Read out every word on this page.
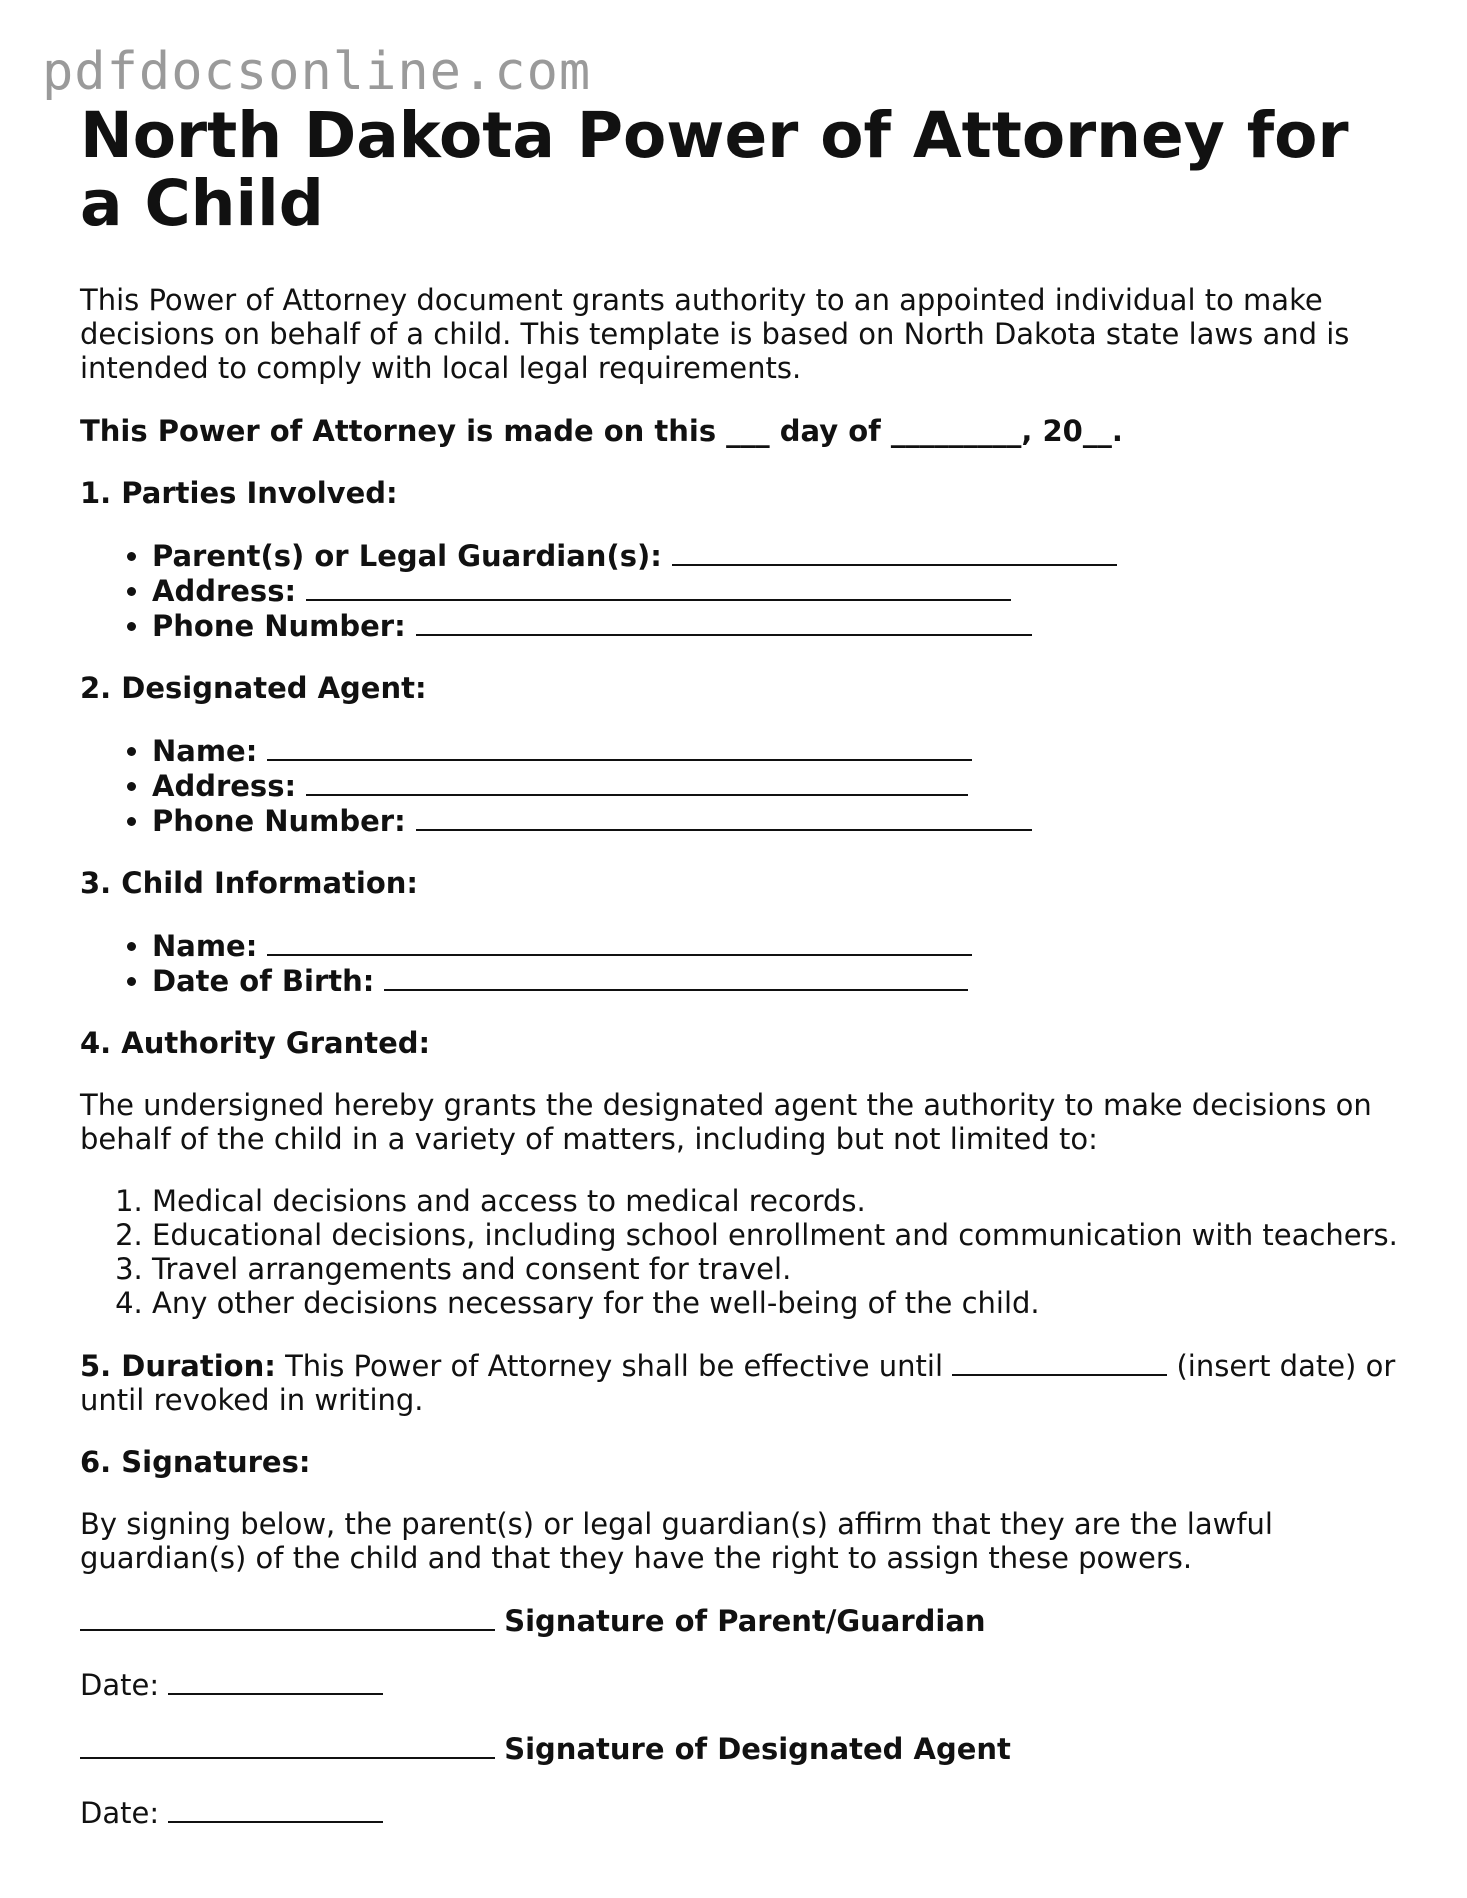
pdfdocsonline.com
North Dakota Power of Attorney for a Child

This Power of Attorney document grants authority to an appointed individual to make decisions on behalf of a child. This template is based on North Dakota state laws and is intended to comply with local legal requirements.

This Power of Attorney is made on this ___ day of _________, 20__.

1. Parties Involved:

• Parent(s) or Legal Guardian(s):
• Address:
• Phone Number:

2. Designated Agent:

• Name:
• Address:
• Phone Number:

3. Child Information:

• Name:
• Date of Birth:

4. Authority Granted:

The undersigned hereby grants the designated agent the authority to make decisions on behalf of the child in a variety of matters, including but not limited to:

1. Medical decisions and access to medical records.
2. Educational decisions, including school enrollment and communication with teachers.
3. Travel arrangements and consent for travel.
4. Any other decisions necessary for the well-being of the child.

5. Duration: This Power of Attorney shall be effective until	(insert date) or until revoked in writing.

6. Signatures:

By signing below, the parent(s) or legal guardian(s) affirm that they are the lawful guardian(s) of the child and that they have the right to assign these powers.

Signature of Parent/Guardian

Date:

Signature of Designated Agent

Date:
